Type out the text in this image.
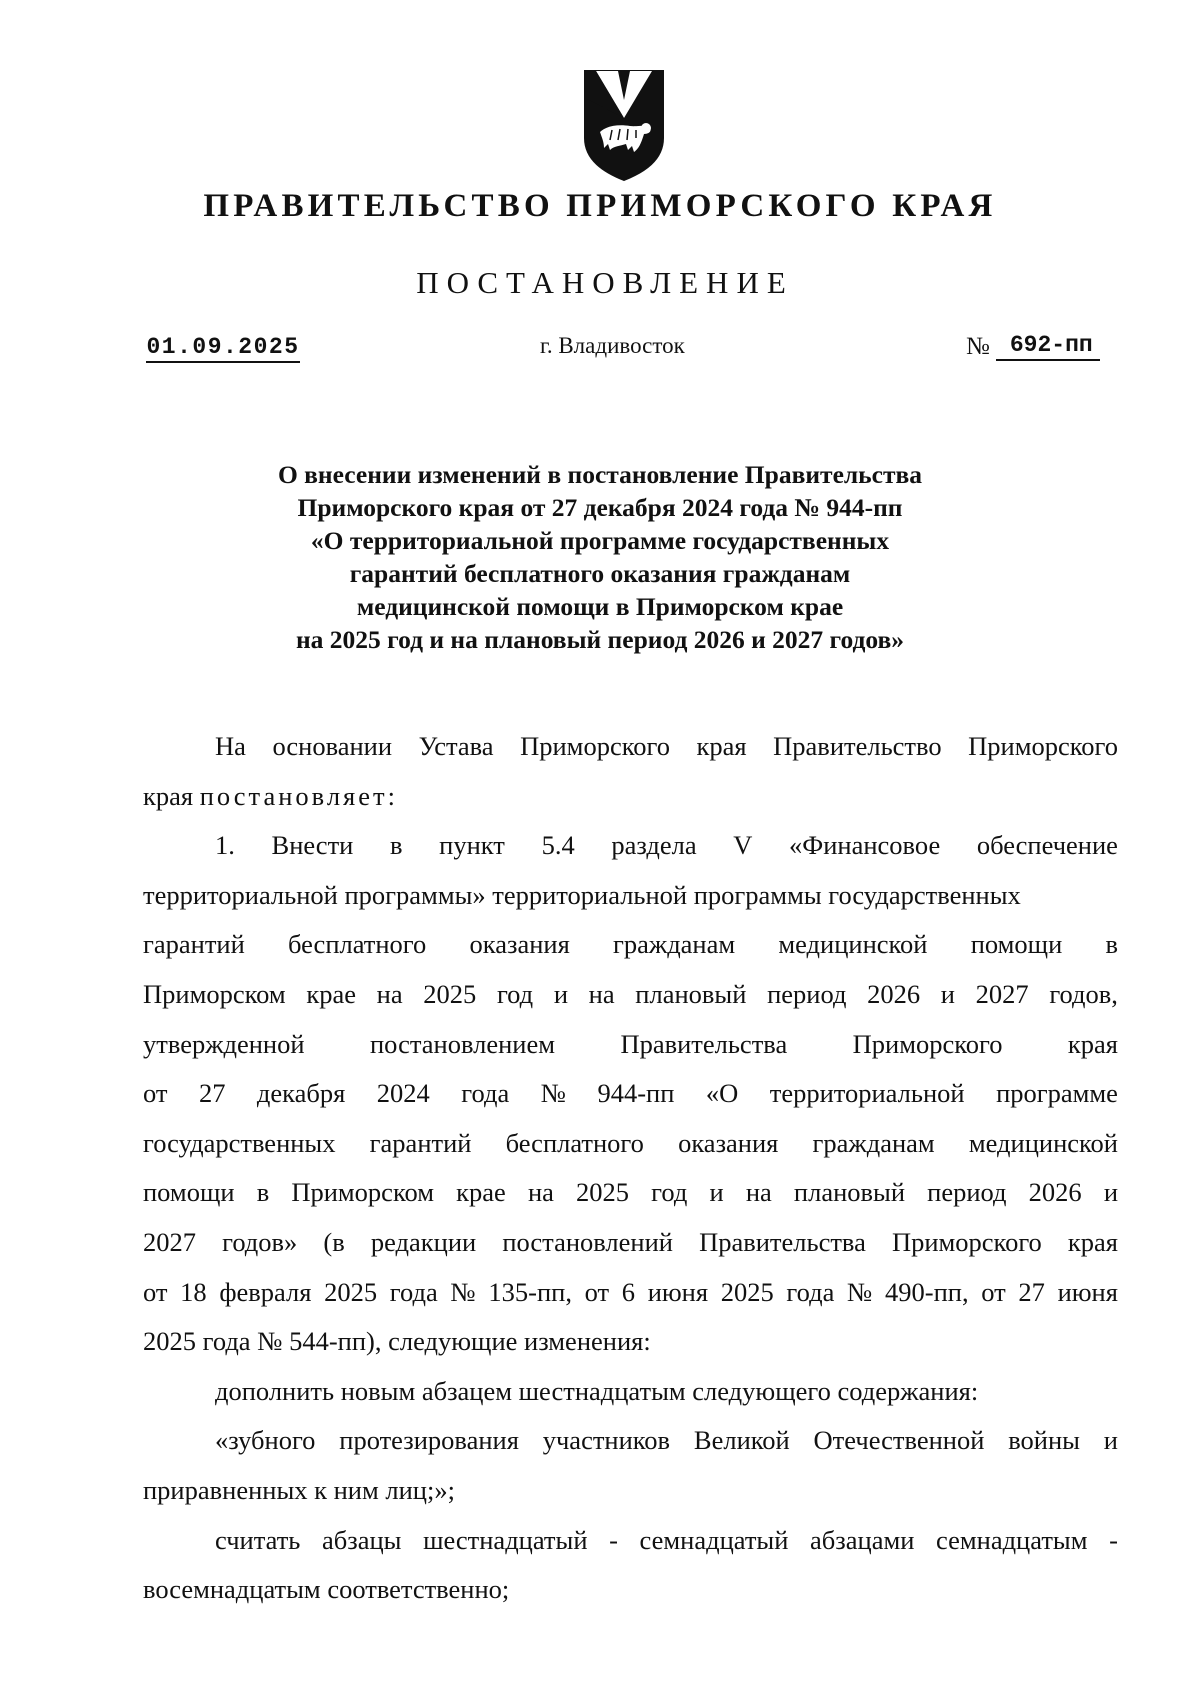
ПРАВИТЕЛЬСТВО ПРИМОРСКОГО КРАЯ
ПОСТАНОВЛЕНИЕ
01.09.2025	г. Владивосток	№ 692-пп
О внесении изменений в постановление Правительства
Приморского края от 27 декабря 2024 года № 944-пп
«О территориальной программе государственных
гарантий бесплатного оказания гражданам
медицинской помощи в Приморском крае
на 2025 год и на плановый период 2026 и 2027 годов»
На основании Устава Приморского края Правительство Приморского
края
постановляет:
1. Внести в пункт 5.4 раздела V «Финансовое обеспечение
территориальной программы» территориальной программы государственных
гарантий бесплатного оказания гражданам медицинской помощи в
Приморском крае на 2025 год и на плановый период 2026 и 2027 годов,
утвержденной постановлением Правительства Приморского края
от 27 декабря 2024 года № 944-пп «О территориальной программе
государственных гарантий бесплатного оказания гражданам медицинской
помощи в Приморском крае на 2025 год и на плановый период 2026 и
2027 годов» (в редакции постановлений Правительства Приморского края
от 18 февраля 2025 года № 135-пп, от 6 июня 2025 года № 490-пп, от 27 июня
2025 года № 544-пп), следующие изменения:
дополнить новым абзацем шестнадцатым следующего содержания:
«зубного протезирования участников Великой Отечественной войны и
приравненных к ним лиц;»;
считать абзацы шестнадцатый - семнадцатый абзацами семнадцатым -
восемнадцатым соответственно;
